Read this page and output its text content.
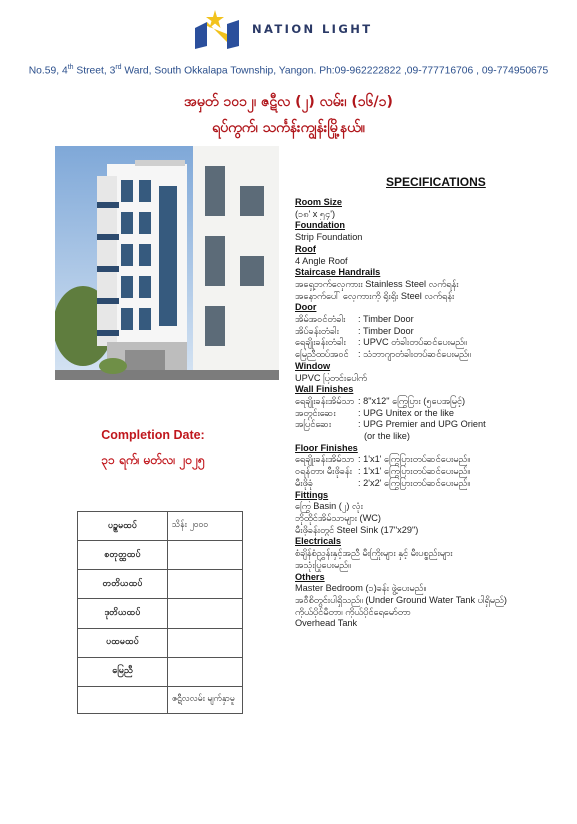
NATION LIGHT
No.59, 4th Street, 3rd Ward, South Okkalapa Township, Yangon. Ph:09-962222822 ,09-777716706 , 09-774950675
အမှတ် ၁၀၁၂၊ ဇဋီလ (၂) လမ်း၊ (၁၆/၁)
ရပ်ကွက်၊ သင်္ကန်းကျွန်းမြို့နယ်။
Completion Date:
၃၁ ရက်၊ မတ်လ၊ ၂၀၂၅
ပဉ္စမထပ်	သိန်း ၂၀၀၀
စတုတ္ထထပ်	
တတိယထပ်	
ဒုတိယထပ်	
ပထမထပ်	
မြေညီ	
	ဇဋီလလမ်း မျက်နှာမူ
SPECIFICATIONS
Room Size
(၁၈' x ၅၄')
Foundation
Strip Foundation
Roof
4 Angle Roof
Staircase Handrails
အရှေ့ဘက်လှေကားး Stainless Steel လက်ရန်း
အနောက်ပေါ် လှေကားကို ရိုးရိုး Steel လက်ရန်း
Door
အိမ်အဝင်တံခါး	: Timber Door
အိပ်ခန်းတံခါး	: Timber Door
ရေချိုးခန်းတံခါး	: UPVC တံခါးတပ်ဆင်ပေးမည်။
မြေညီထပ်အဝင်	: သံဘာဂျာတံခါးတပ်ဆင်ပေးမည်။
Window
UPVC ပြတင်းပေါက်
Wall Finishes
ရေချိုးခန်းအိမ်သာ : 8"x12" ကြွေပြား (၅ပေအမြင့်)
အတွင်းဆေး	: UPG Unitex or the like
အပြင်ဆေး	: UPG Premier and UPG Orient
(or the like)
Floor Finishes
ရေချိုးခန်းအိမ်သာ : 1'x1' ကြွေပြားတပ်ဆင်ပေးမည်။
ဝရန်တာ၊ မီးဖိုခန်း : 1'x1' ကြွေပြားတပ်ဆင်ပေးမည်။
မီးဖိုခုံ	: 2'x2' ကြွေပြားတပ်ဆင်ပေးမည်။
Fittings
ကြွေ Basin (၂) လုံး
ဘိုထိုင်အိမ်သာများ (WC)
မီးဖိုခန်းတွင် Steel Sink (17"x29")
Electricals
စံချိန်စံညွှန်းနှင့်အညီ မီးကြိုးများ နှင့် မီးပစ္စည်းများ
အသုံးပြုပေးမည်။
Others
Master Bedroom (၁)ခန်း ဖွဲ့ပေးမည်။
အဝီစိတွင်းပါရှိသည်။ (Under Ground Water Tank ပါရှိမည်)
ကိုယ်ပိုင်မီတာ၊ ကိုယ်ပိုင်ရေမော်တာ
Overhead Tank
